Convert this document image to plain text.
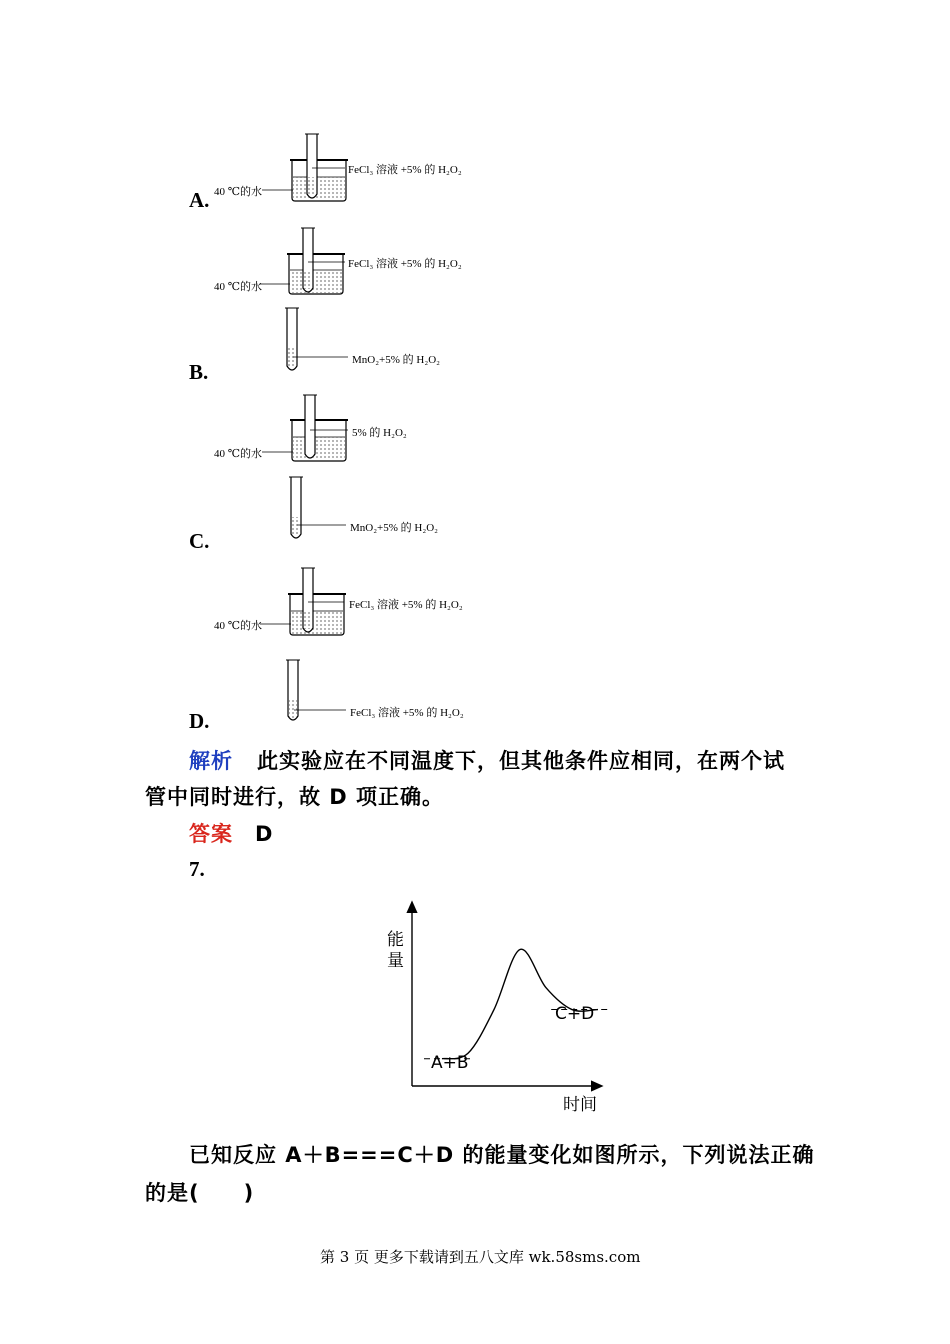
40 ℃的水
FeCl₃ 溶液 +5% 的 H₂O₂
A.
40 ℃的水
FeCl₃ 溶液 +5% 的 H₂O₂
MnO₂+5% 的 H₂O₂
B.
40 ℃的水
5% 的 H₂O₂
MnO₂+5% 的 H₂O₂
C.
40 ℃的水
FeCl₃ 溶液 +5% 的 H₂O₂
FeCl₃ 溶液 +5% 的 H₂O₂
D.
解析 此实验应在不同温度下，但其他条件应相同，在两个试
管中同时进行，故 D 项正确。
答案 D
7.
能
量
时间
A+B
C+D
已知反应 A＋B===C＋D 的能量变化如图所示，下列说法正确
的是(　　)
第 3 页 更多下载请到五八文库 wk.58sms.com
